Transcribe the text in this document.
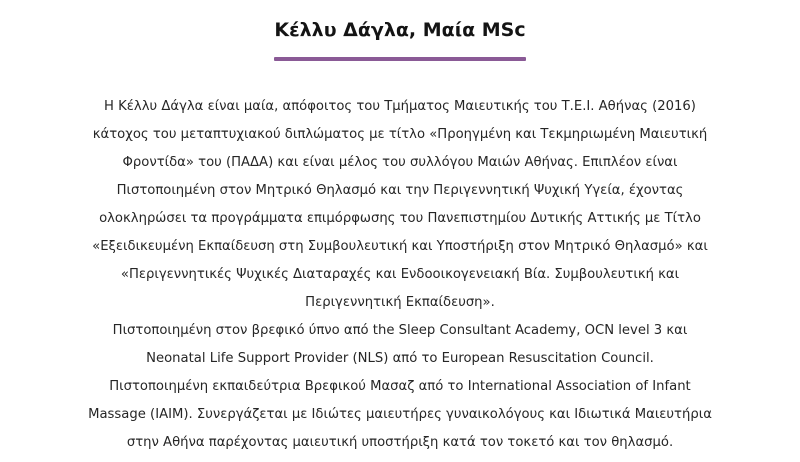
Κέλλυ Δάγλα, Μαία MSc
Η Κέλλυ Δάγλα είναι μαία, απόφοιτος του Τμήματος Μαιευτικής του Τ.Ε.Ι. Αθήνας (2016)
κάτοχος του μεταπτυχιακού διπλώματος με τίτλο «Προηγμένη και Τεκμηριωμένη Μαιευτική
Φροντίδα» του (ΠΑΔΑ) και είναι μέλος του συλλόγου Μαιών Αθήνας. Επιπλέον είναι
Πιστοποιημένη στον Μητρικό Θηλασμό και την Περιγεννητική Ψυχική Υγεία, έχοντας
ολοκληρώσει τα προγράμματα επιμόρφωσης του Πανεπιστημίου Δυτικής Αττικής με Τίτλο
«Εξειδικευμένη Εκπαίδευση στη Συμβουλευτική και Υποστήριξη στον Μητρικό Θηλασμό» και
«Περιγεννητικές Ψυχικές Διαταραχές και Ενδοοικογενειακή Βία. Συμβουλευτική και
Περιγεννητική Εκπαίδευση».
Πιστοποιημένη στον βρεφικό ύπνο από the Sleep Consultant Academy, OCN level 3 και
Neonatal Life Support Provider (NLS) από το European Resuscitation Council.
Πιστοποιημένη εκπαιδεύτρια Βρεφικού Μασαζ από το International Association of Infant
Massage (IAIM). Συνεργάζεται με Ιδιώτες μαιευτήρες γυναικολόγους και Ιδιωτικά Μαιευτήρια
στην Αθήνα παρέχοντας μαιευτική υποστήριξη κατά τον τοκετό και τον θηλασμό.
